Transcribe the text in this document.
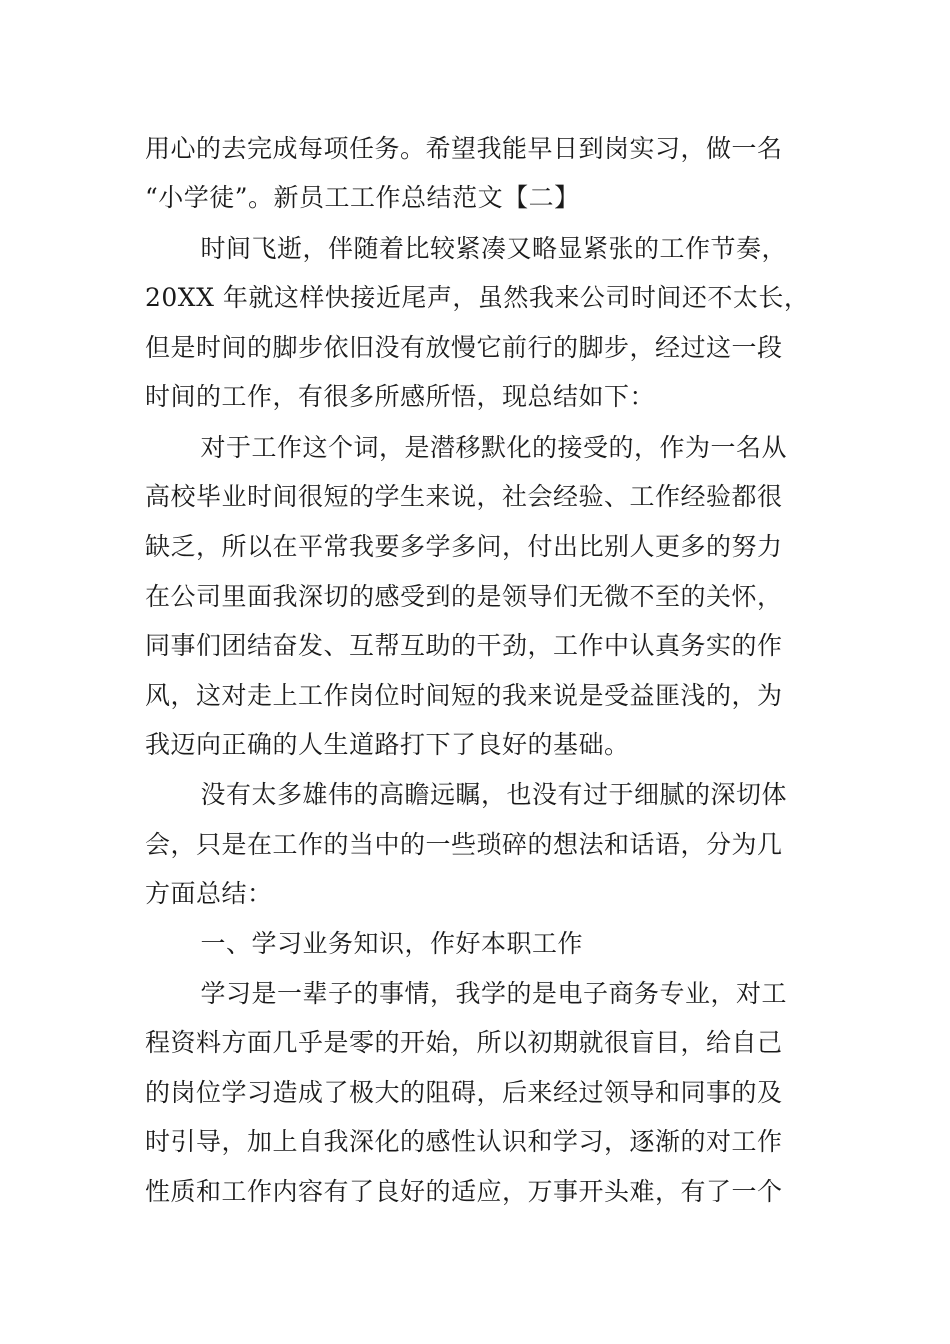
用心的去完成每项任务。希望我能早日到岗实习，做一名
“小学徒”。新员工工作总结范文【二】
　时间飞逝，伴随着比较紧凑又略显紧张的工作节奏，
20XX 年就这样快接近尾声，虽然我来公司时间还不太长，
但是时间的脚步依旧没有放慢它前行的脚步，经过这一段
时间的工作，有很多所感所悟，现总结如下：
　对于工作这个词，是潜移默化的接受的，作为一名从
高校毕业时间很短的学生来说，社会经验、工作经验都很
缺乏，所以在平常我要多学多问，付出比别人更多的努力
在公司里面我深切的感受到的是领导们无微不至的关怀，
同事们团结奋发、互帮互助的干劲，工作中认真务实的作
风，这对走上工作岗位时间短的我来说是受益匪浅的，为
我迈向正确的人生道路打下了良好的基础。
　没有太多雄伟的高瞻远瞩，也没有过于细腻的深切体
会，只是在工作的当中的一些琐碎的想法和话语，分为几
方面总结：
　一、学习业务知识，作好本职工作
　学习是一辈子的事情，我学的是电子商务专业，对工
程资料方面几乎是零的开始，所以初期就很盲目，给自己
的岗位学习造成了极大的阻碍，后来经过领导和同事的及
时引导，加上自我深化的感性认识和学习，逐渐的对工作
性质和工作内容有了良好的适应，万事开头难，有了一个
